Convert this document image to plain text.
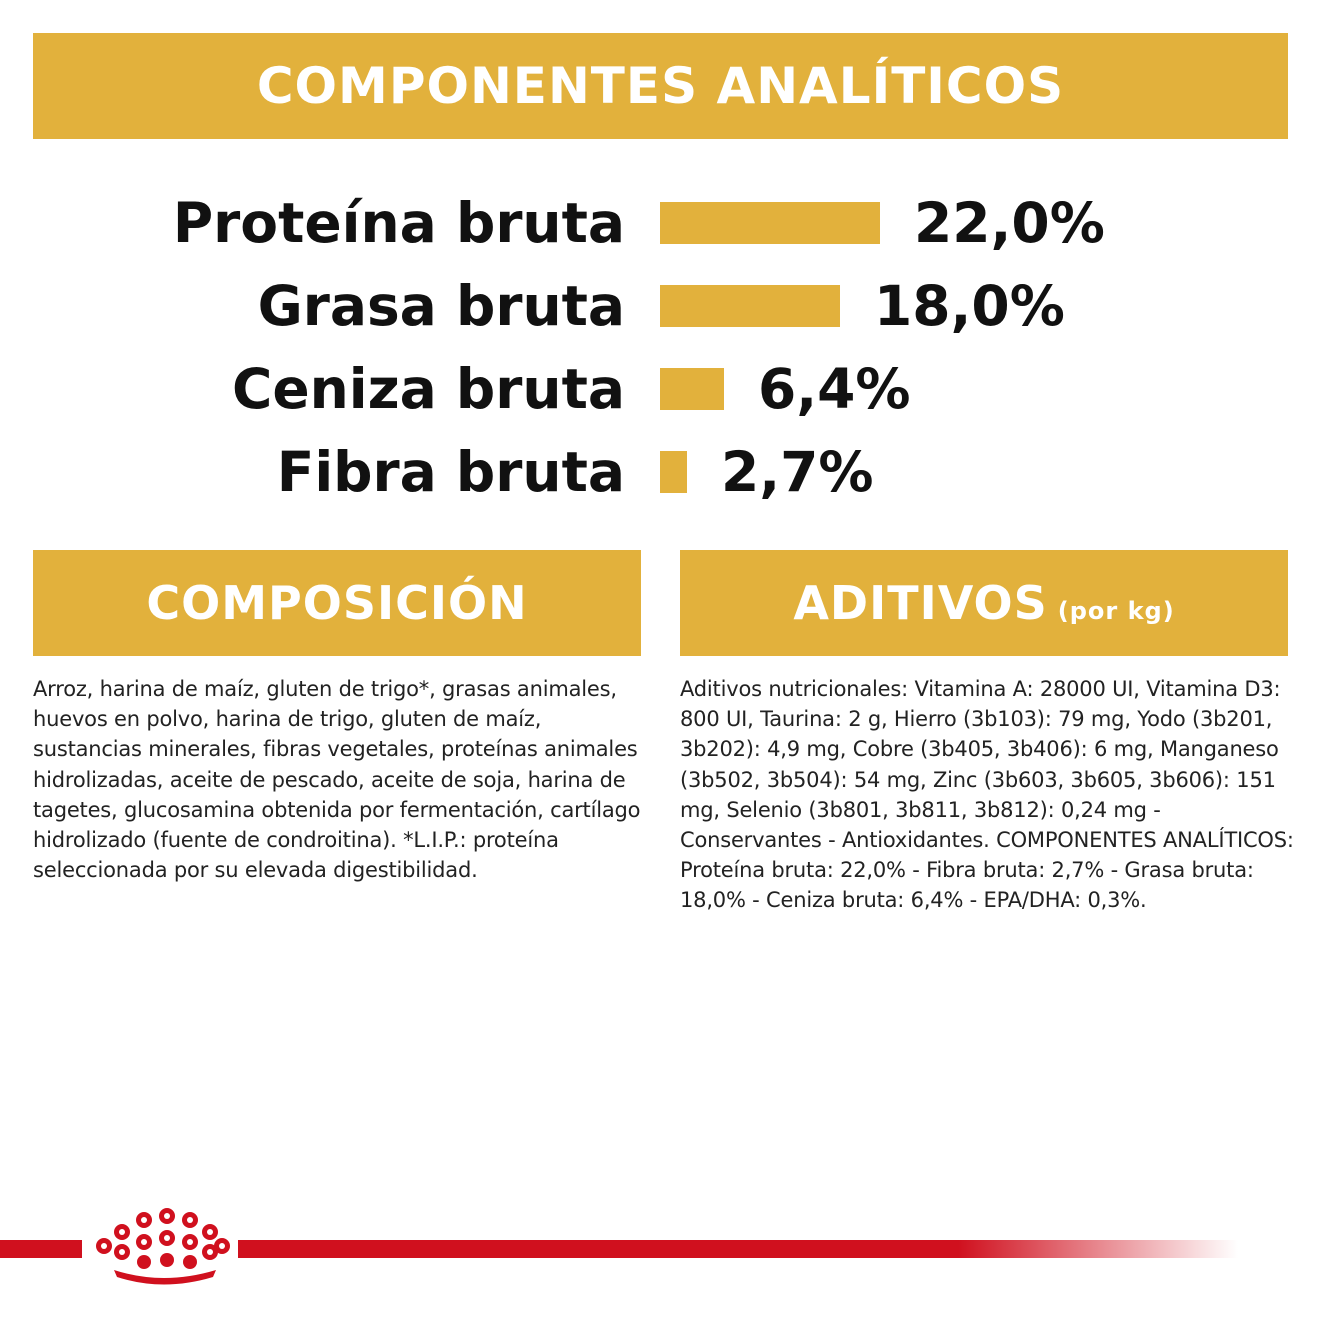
COMPONENTES ANALÍTICOS
Proteína bruta	22,0%
Grasa bruta	18,0%
Ceniza bruta 6,4%
Fibra bruta 2,7%
COMPOSICIÓN	ADITIVOS (por kg)
Arroz, harina de maíz, gluten de trigo*, grasas animales, huevos en polvo, harina de trigo, gluten de maíz, sustancias minerales, fibras vegetales, proteínas animales hidrolizadas, aceite de pescado, aceite de soja, harina de tagetes, glucosamina obtenida por fermentación, cartílago hidrolizado (fuente de condroitina). *L.I.P.: proteína seleccionada por su elevada digestibilidad.
Aditivos nutricionales: Vitamina A: 28000 UI, Vitamina D3: 800 UI, Taurina: 2 g, Hierro (3b103): 79 mg, Yodo (3b201, 3b202): 4,9 mg, Cobre (3b405, 3b406): 6 mg, Manganeso (3b502, 3b504): 54 mg, Zinc (3b603, 3b605, 3b606): 151 mg, Selenio (3b801, 3b811, 3b812): 0,24 mg - Conservantes - Antioxidantes. COMPONENTES ANALÍTICOS: Proteína bruta: 22,0% - Fibra bruta: 2,7% - Grasa bruta: 18,0% - Ceniza bruta: 6,4% - EPA/DHA: 0,3%.
